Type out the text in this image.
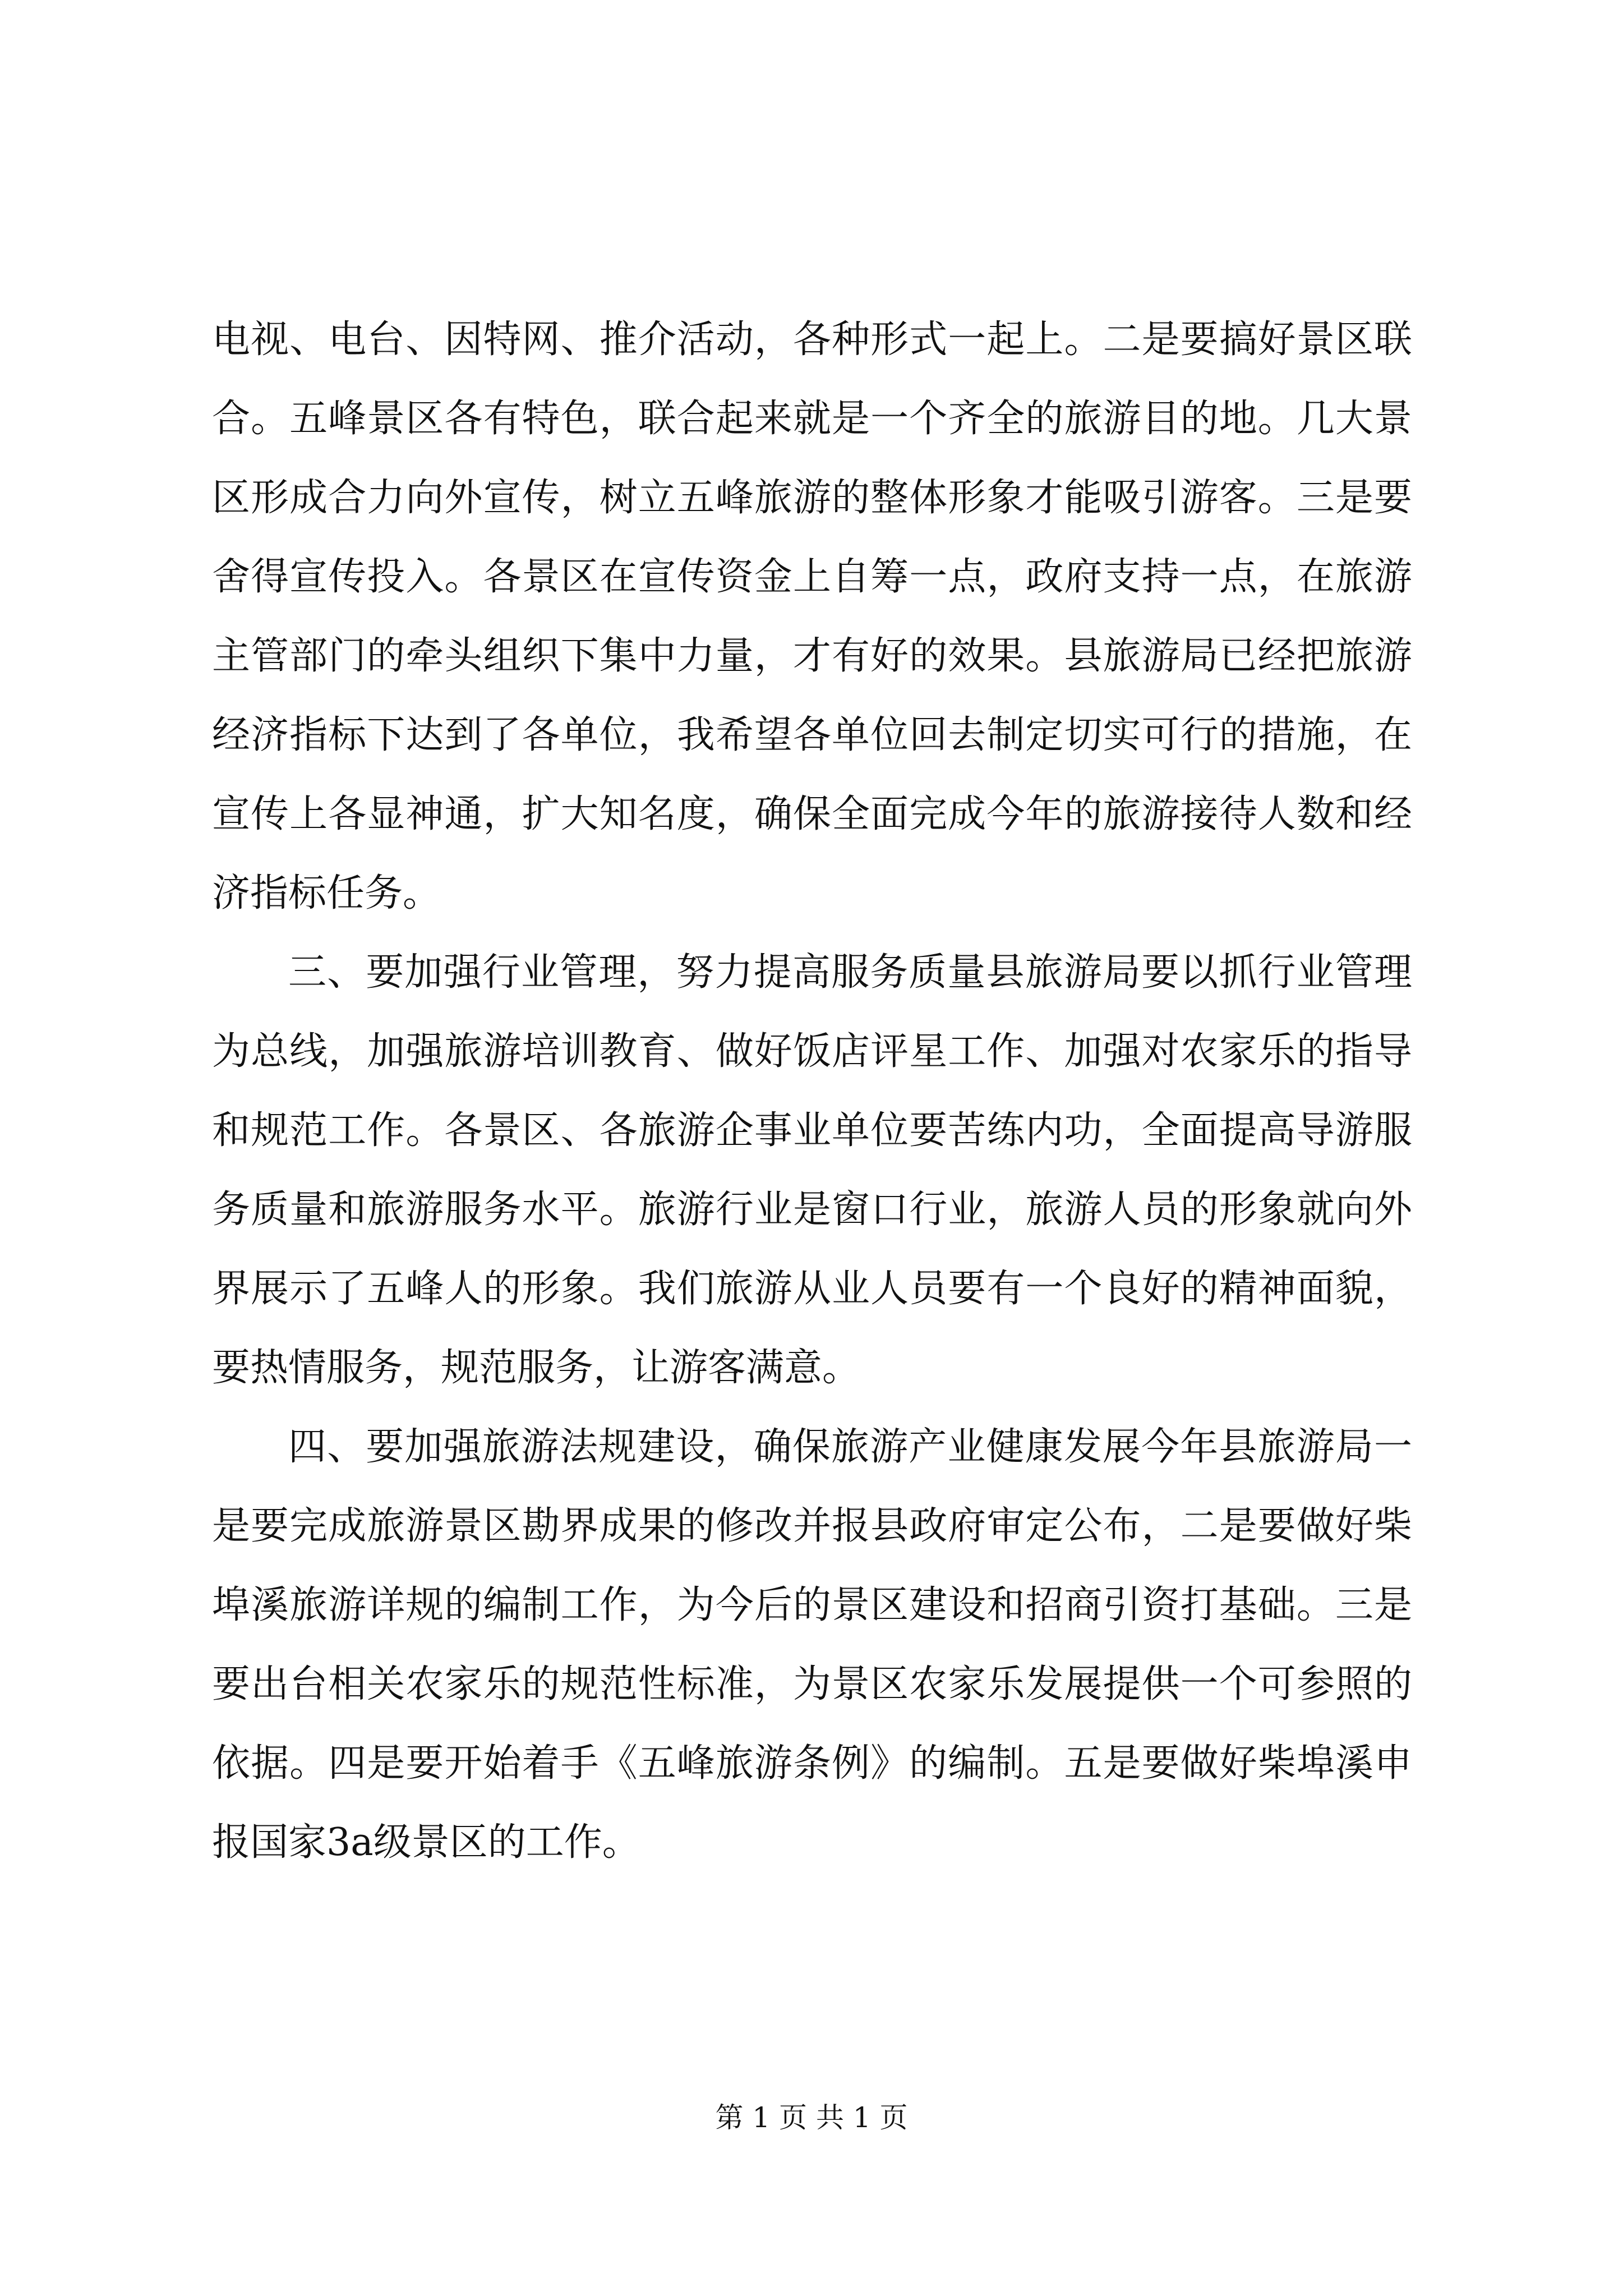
电视、电台、因特网、推介活动，各种形式一起上。二是要搞好景区联合。五峰景区各有特色，联合起来就是一个齐全的旅游目的地。几大景区形成合力向外宣传，树立五峰旅游的整体形象才能吸引游客。三是要舍得宣传投入。各景区在宣传资金上自筹一点，政府支持一点，在旅游主管部门的牵头组织下集中力量，才有好的效果。县旅游局已经把旅游经济指标下达到了各单位，我希望各单位回去制定切实可行的措施，在宣传上各显神通，扩大知名度，确保全面完成今年的旅游接待人数和经济指标任务。

三、要加强行业管理，努力提高服务质量县旅游局要以抓行业管理为总线，加强旅游培训教育、做好饭店评星工作、加强对农家乐的指导和规范工作。各景区、各旅游企事业单位要苦练内功，全面提高导游服务质量和旅游服务水平。旅游行业是窗口行业，旅游人员的形象就向外界展示了五峰人的形象。我们旅游从业人员要有一个良好的精神面貌，要热情服务，规范服务，让游客满意。

四、要加强旅游法规建设，确保旅游产业健康发展今年县旅游局一是要完成旅游景区勘界成果的修改并报县政府审定公布，二是要做好柴埠溪旅游详规的编制工作，为今后的景区建设和招商引资打基础。三是要出台相关农家乐的规范性标准，为景区农家乐发展提供一个可参照的依据。四是要开始着手《五峰旅游条例》的编制。五是要做好柴埠溪申报国家3a级景区的工作。

第 1 页 共 1 页
